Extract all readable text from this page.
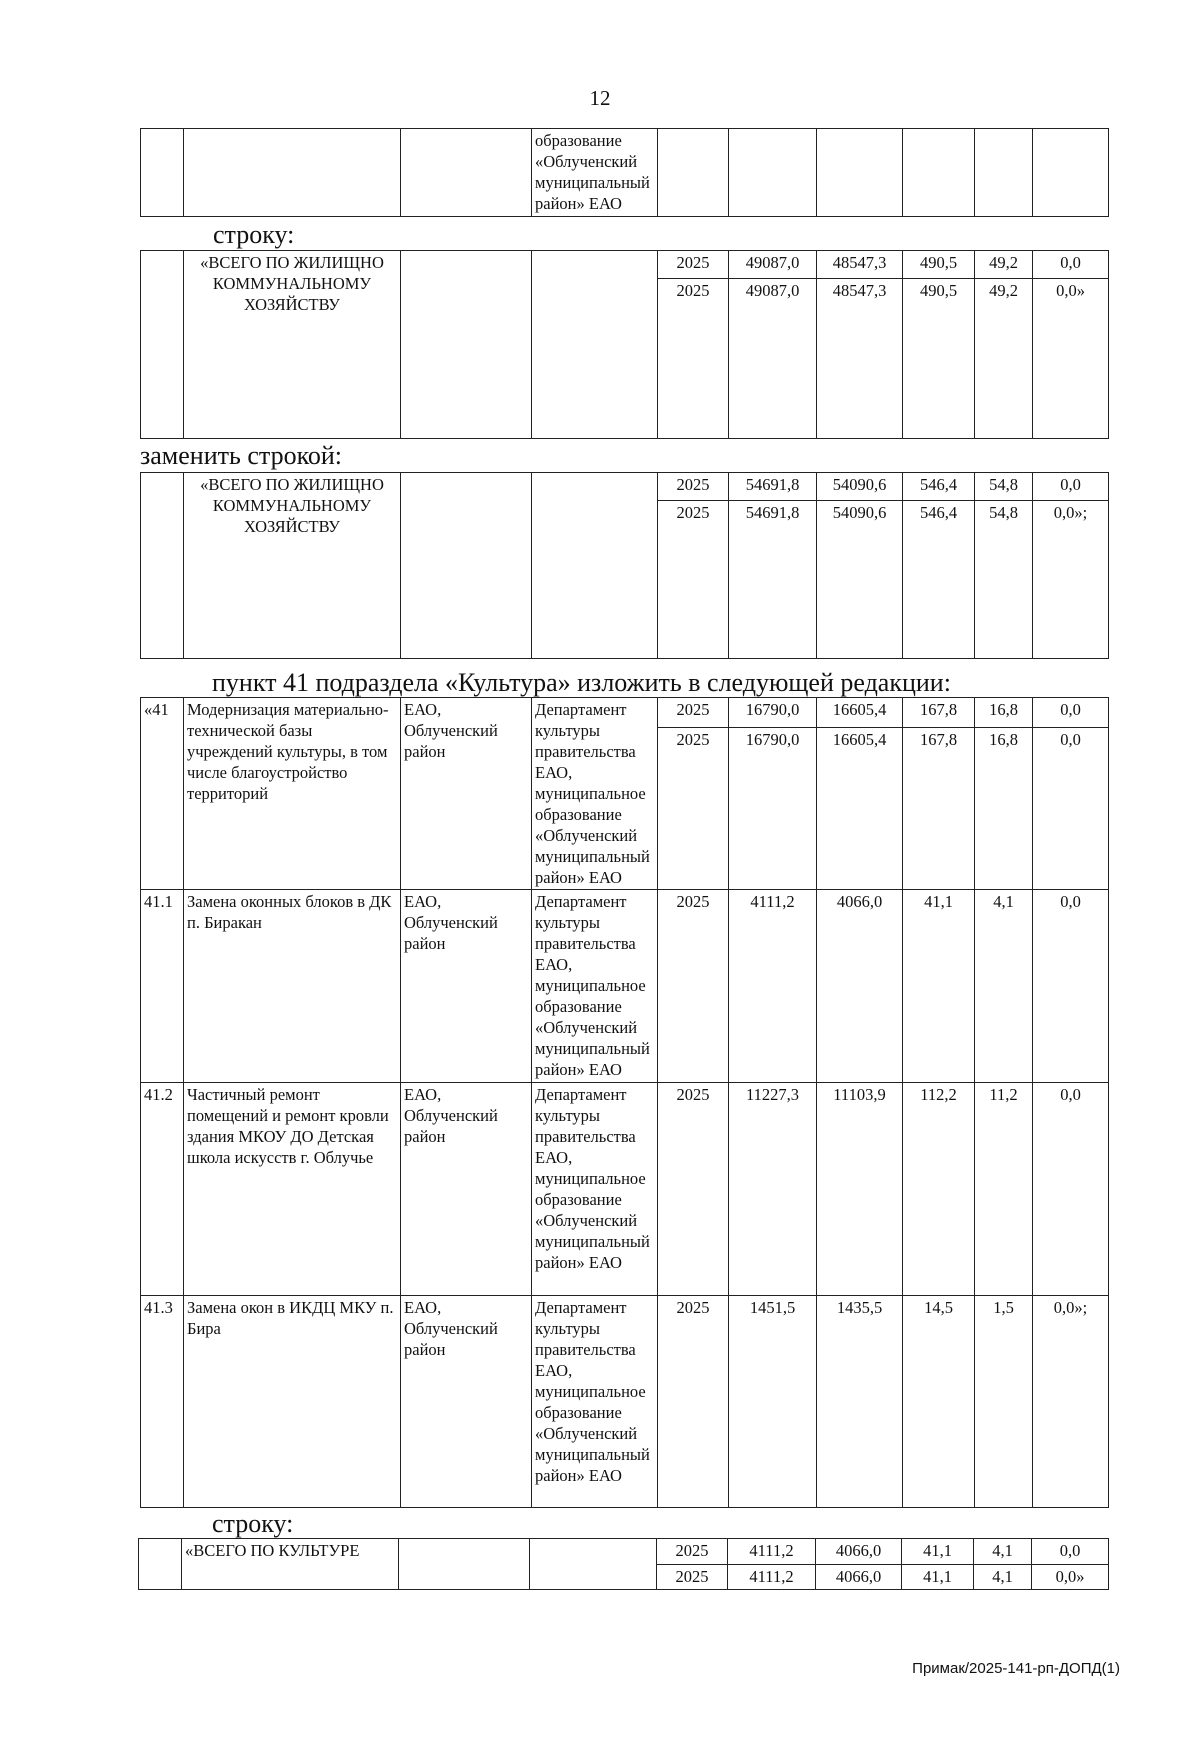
12

образование
«Облученский
муниципальный
район» ЕАО

строку:

	«ВСЕГО ПО ЖИЛИЩНО
КОММУНАЛЬНОМУ
ХОЗЯЙСТВУ			2025	49087,0	48547,3	490,5	49,2	0,0
				2025	49087,0	48547,3	490,5	49,2	0,0»
заменить строкой:

	«ВСЕГО ПО ЖИЛИЩНО
КОММУНАЛЬНОМУ
ХОЗЯЙСТВУ			2025	54691,8	54090,6	546,4	54,8	0,0
				2025	54691,8	54090,6	546,4	54,8	0,0»;
пункт 41 подраздела «Культура» изложить в следующей редакции:
«41	Модернизация материально-технической базы учреждений культуры, в том числе благоустройство территорий	ЕАО, Облученский район	Департамент культуры правительства ЕАО, муниципальное образование «Облученский муниципальный район» ЕАО	2025	16790,0	16605,4	167,8	16,8	0,0
				2025	16790,0	16605,4	167,8	16,8	0,0
41.1	Замена оконных блоков в ДК п. Биракан	ЕАО, Облученский район	Департамент культуры правительства ЕАО, муниципальное образование «Облученский муниципальный район» ЕАО	2025	4111,2	4066,0	41,1	4,1	0,0
41.2	Частичный ремонт помещений и ремонт кровли здания МКОУ ДО Детская школа искусств г. Облучье	ЕАО, Облученский район	Департамент культуры правительства ЕАО, муниципальное образование «Облученский муниципальный район» ЕАО	2025	11227,3	11103,9	112,2	11,2	0,0
41.3	Замена окон в ИКДЦ МКУ п. Бира	ЕАО, Облученский район	Департамент культуры правительства ЕАО, муниципальное образование «Облученский муниципальный район» ЕАО	2025	1451,5	1435,5	14,5	1,5	0,0»;
строку:
	«ВСЕГО ПО КУЛЬТУРЕ			2025	4111,2	4066,0	41,1	4,1	0,0
				2025	4111,2	4066,0	41,1	4,1	0,0»
Примак/2025-141-рп-ДОПД(1)
